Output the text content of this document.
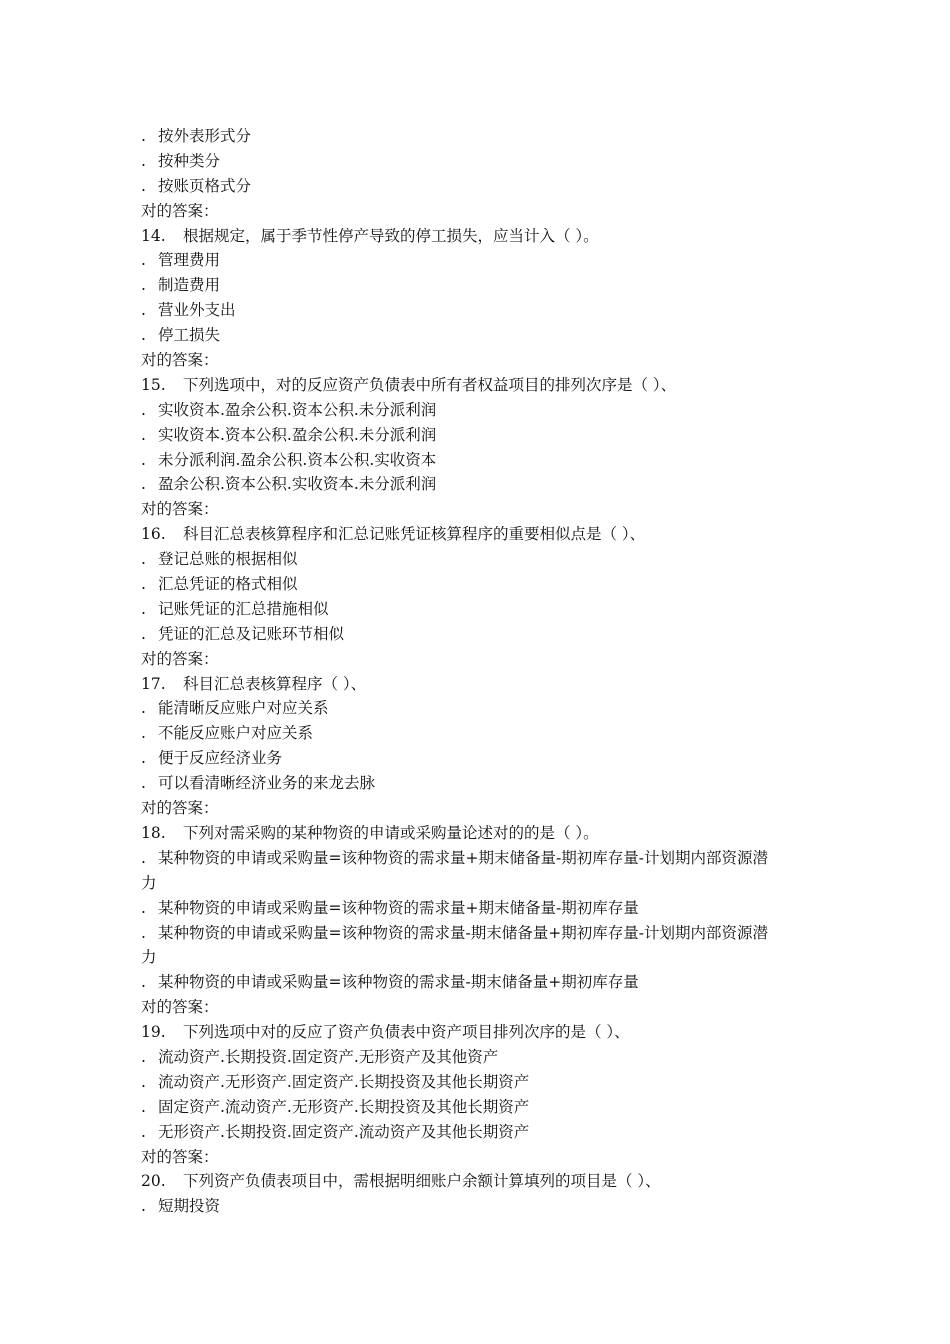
. 按外表形式分
. 按种类分
. 按账页格式分
对的答案：
14.	根据规定，属于季节性停产导致的停工损失，应当计入（ ）。
. 管理费用
. 制造费用
. 营业外支出
. 停工损失
对的答案：
15.	下列选项中，对的反应资产负债表中所有者权益项目的排列次序是（ ）、
. 实收资本.盈余公积.资本公积.未分派利润
. 实收资本.资本公积.盈余公积.未分派利润
. 未分派利润.盈余公积.资本公积.实收资本
. 盈余公积.资本公积.实收资本.未分派利润
对的答案：
16.	科目汇总表核算程序和汇总记账凭证核算程序的重要相似点是（ ）、
. 登记总账的根据相似
. 汇总凭证的格式相似
. 记账凭证的汇总措施相似
. 凭证的汇总及记账环节相似
对的答案：
17.	科目汇总表核算程序（ ）、
. 能清晰反应账户对应关系
. 不能反应账户对应关系
. 便于反应经济业务
. 可以看清晰经济业务的来龙去脉
对的答案：
18.	下列对需采购的某种物资的申请或采购量论述对的的是（ ）。
. 某种物资的申请或采购量=该种物资的需求量+期末储备量-期初库存量-计划期内部资源潜
力
. 某种物资的申请或采购量=该种物资的需求量+期末储备量-期初库存量
. 某种物资的申请或采购量=该种物资的需求量-期末储备量+期初库存量-计划期内部资源潜
力
. 某种物资的申请或采购量=该种物资的需求量-期末储备量+期初库存量
对的答案：
19.	下列选项中对的反应了资产负债表中资产项目排列次序的是（ ）、
. 流动资产.长期投资.固定资产.无形资产及其他资产
. 流动资产.无形资产.固定资产.长期投资及其他长期资产
. 固定资产.流动资产.无形资产.长期投资及其他长期资产
. 无形资产.长期投资.固定资产.流动资产及其他长期资产
对的答案：
20.	下列资产负债表项目中，需根据明细账户余额计算填列的项目是（ ）、
. 短期投资
